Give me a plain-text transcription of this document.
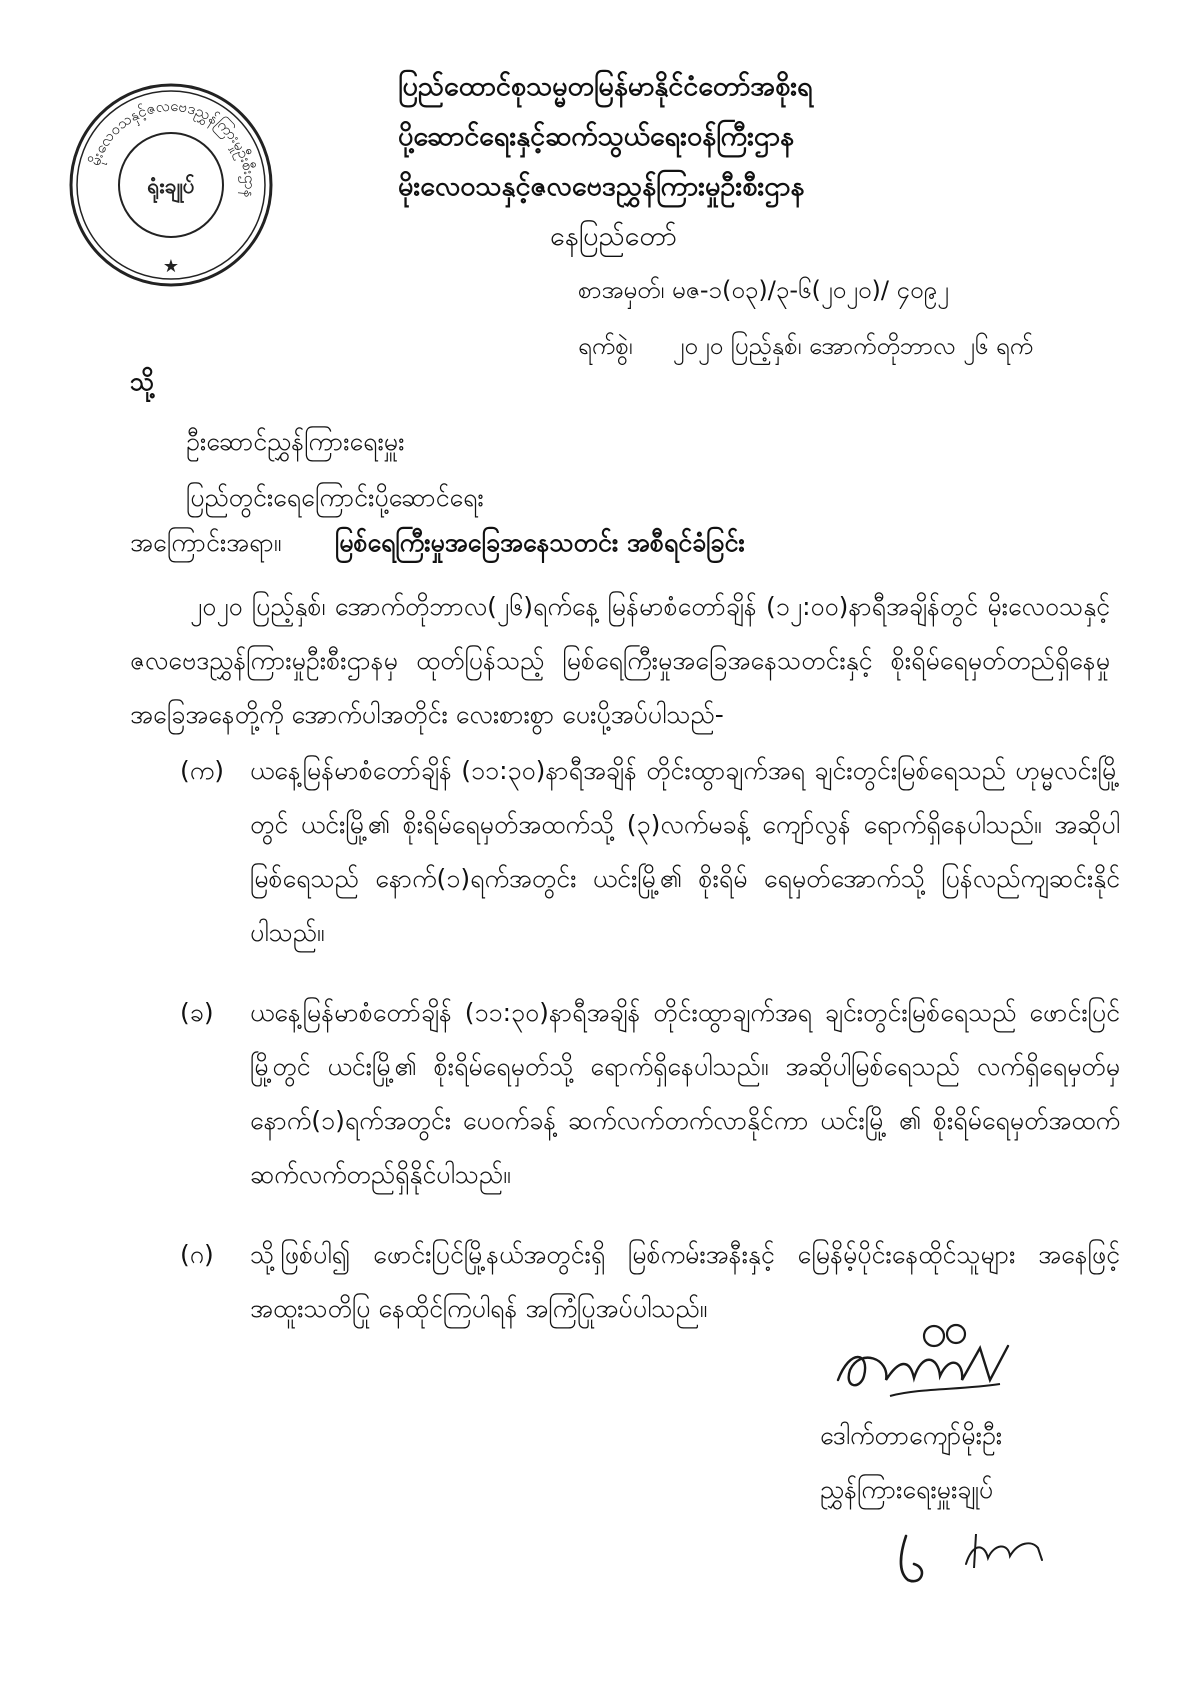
မိုးလေဝသနှင့်ဇလဗေဒညွှန်ကြားမှုဦးစီးဌာန
ရုံးချုပ်
★
ပြည်ထောင်စုသမ္မတမြန်မာနိုင်ငံတော်အစိုးရ
ပို့ဆောင်ရေးနှင့်ဆက်သွယ်ရေးဝန်ကြီးဌာန
မိုးလေဝသနှင့်ဇလဗေဒညွှန်ကြားမှုဦးစီးဌာန
နေပြည်တော်
စာအမှတ်၊ မဇ-၁(၀၃)/၃-၆(၂၀၂၀)/ ၄၀၉၂
ရက်စွဲ၊ ၂၀၂၀ ပြည့်နှစ်၊ အောက်တိုဘာလ ၂၆ ရက်
သို့
ဦးဆောင်ညွှန်ကြားရေးမှူး
ပြည်တွင်းရေကြောင်းပို့ဆောင်ရေး
အကြောင်းအရာ။ မြစ်ရေကြီးမှုအခြေအနေသတင်း အစီရင်ခံခြင်း
၂၀၂၀ ပြည့်နှစ်၊ အောက်တိုဘာလ(၂၆)ရက်နေ့ မြန်မာစံတော်ချိန် (၁၂:၀၀)နာရီအချိန်တွင် မိုးလေဝသနှင့် ဇလဗေဒညွှန်ကြားမှုဦးစီးဌာနမှ ထုတ်ပြန်သည့် မြစ်ရေကြီးမှုအခြေအနေသတင်းနှင့် စိုးရိမ်ရေမှတ်တည်ရှိနေမှု အခြေအနေတို့ကို အောက်ပါအတိုင်း လေးစားစွာ ပေးပို့အပ်ပါသည်-
(က)	ယနေ့မြန်မာစံတော်ချိန် (၁၁:၃၀)နာရီအချိန် တိုင်းထွာချက်အရ ချင်းတွင်းမြစ်ရေသည် ဟုမ္မလင်းမြို့တွင် ယင်းမြို့၏ စိုးရိမ်ရေမှတ်အထက်သို့ (၃)လက်မခန့် ကျော်လွန် ရောက်ရှိနေပါသည်။ အဆိုပါမြစ်ရေသည် နောက်(၁)ရက်အတွင်း ယင်းမြို့၏ စိုးရိမ် ရေမှတ်အောက်သို့ ပြန်လည်ကျဆင်းနိုင်ပါသည်။
(ခ)	ယနေ့မြန်မာစံတော်ချိန် (၁၁:၃၀)နာရီအချိန် တိုင်းထွာချက်အရ ချင်းတွင်းမြစ်ရေသည် ဖောင်းပြင်မြို့တွင် ယင်းမြို့၏ စိုးရိမ်ရေမှတ်သို့ ရောက်ရှိနေပါသည်။ အဆိုပါမြစ်ရေသည် လက်ရှိရေမှတ်မှ နောက်(၁)ရက်အတွင်း ပေ၀က်ခန့် ဆက်လက်တက်လာနိုင်ကာ ယင်းမြို့ ၏ စိုးရိမ်ရေမှတ်အထက် ဆက်လက်တည်ရှိနိုင်ပါသည်။
(ဂ)	သို့ဖြစ်ပါ၍ ဖောင်းပြင်မြို့နယ်အတွင်းရှိ မြစ်ကမ်းအနီးနှင့် မြေနိမ့်ပိုင်းနေထိုင်သူများ အနေဖြင့် အထူးသတိပြု နေထိုင်ကြပါရန် အကြံပြုအပ်ပါသည်။
ဒေါက်တာကျော်မိုးဦး
ညွှန်ကြားရေးမှူးချုပ်
